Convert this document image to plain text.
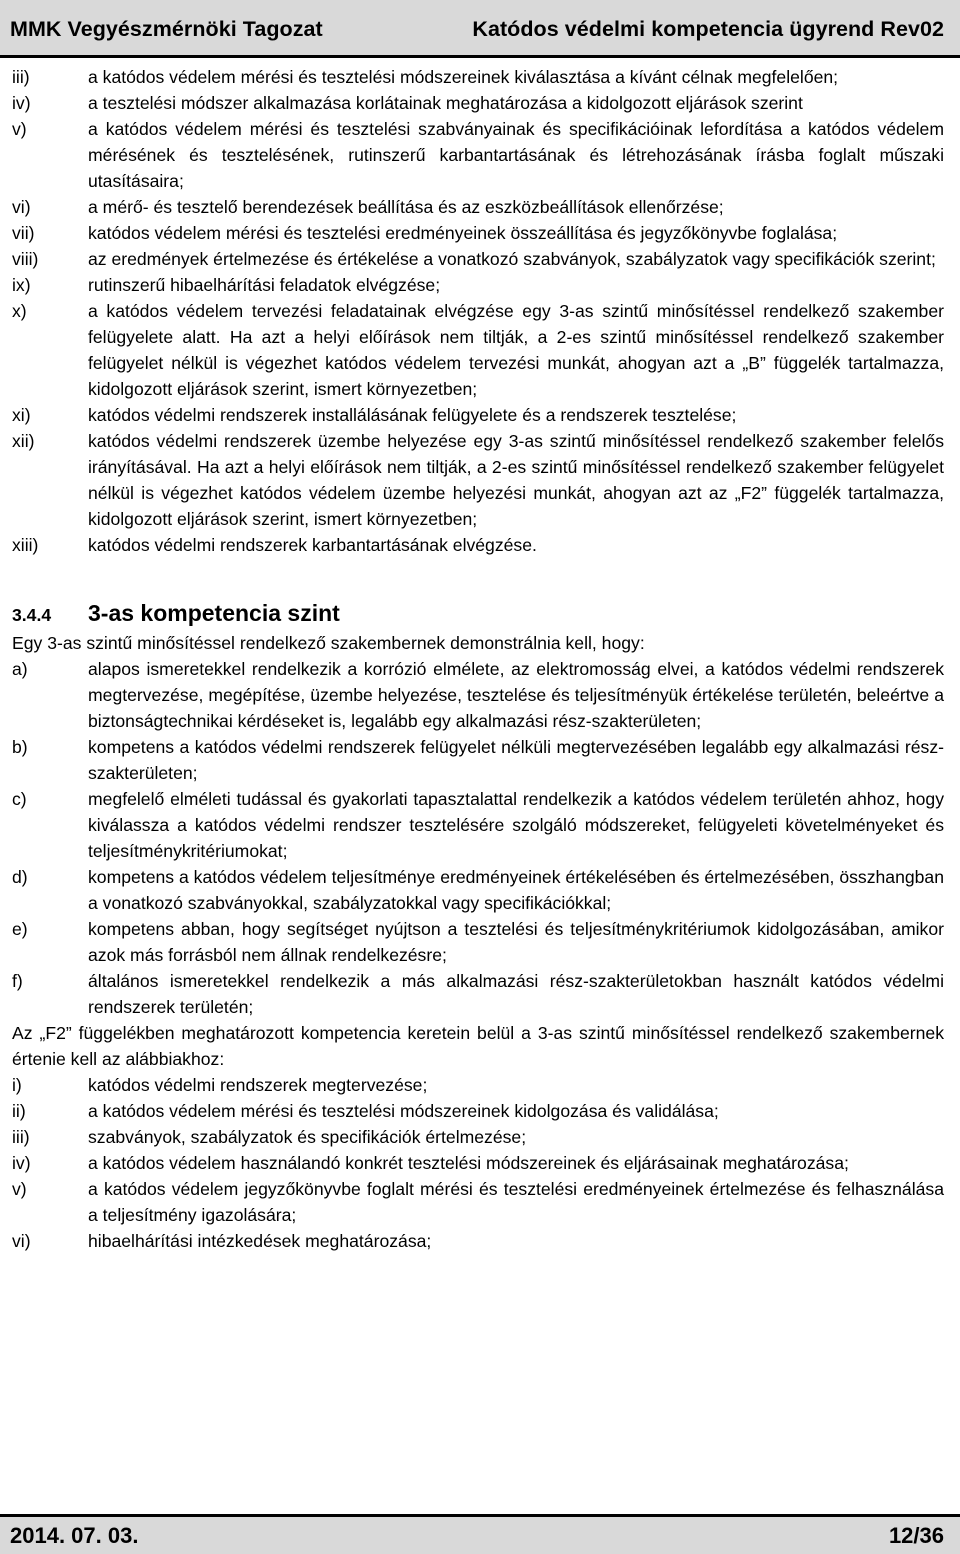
MMK Vegyészmérnöki Tagozat	Katódos védelmi kompetencia ügyrend Rev02
iii)	a katódos védelem mérési és tesztelési módszereinek kiválasztása a kívánt célnak megfelelően;
iv)	a tesztelési módszer alkalmazása korlátainak meghatározása a kidolgozott eljárások szerint
v)	a katódos védelem mérési és tesztelési szabványainak és specifikációinak lefordítása a katódos védelem mérésének és tesztelésének, rutinszerű karbantartásának és létrehozásának írásba foglalt műszaki utasításaira;
vi)	a mérő- és tesztelő berendezések beállítása és az eszközbeállítások ellenőrzése;
vii)	katódos védelem mérési és tesztelési eredményeinek összeállítása és jegyzőkönyvbe foglalása;
viii)	az eredmények értelmezése és értékelése a vonatkozó szabványok, szabályzatok vagy specifikációk szerint;
ix)	rutinszerű hibaelhárítási feladatok elvégzése;
x)	a katódos védelem tervezési feladatainak elvégzése egy 3-as szintű minősítéssel rendelkező szakember felügyelete alatt. Ha azt a helyi előírások nem tiltják, a 2-es szintű minősítéssel rendelkező szakember felügyelet nélkül is végezhet katódos védelem tervezési munkát, ahogyan azt a „B” függelék tartalmazza, kidolgozott eljárások szerint, ismert környezetben;
xi)	katódos védelmi rendszerek installálásának felügyelete és a rendszerek tesztelése;
xii)	katódos védelmi rendszerek üzembe helyezése egy 3-as szintű minősítéssel rendelkező szakember felelős irányításával. Ha azt a helyi előírások nem tiltják, a 2-es szintű minősítéssel rendelkező szakember felügyelet nélkül is végezhet katódos védelem üzembe helyezési munkát, ahogyan azt az „F2” függelék tartalmazza, kidolgozott eljárások szerint, ismert környezetben;
xiii)	katódos védelmi rendszerek karbantartásának elvégzése.
3.4.4	3-as kompetencia szint
Egy 3-as szintű minősítéssel rendelkező szakembernek demonstrálnia kell, hogy:
a)	alapos ismeretekkel rendelkezik a korrózió elmélete, az elektromosság elvei, a katódos védelmi rendszerek megtervezése, megépítése, üzembe helyezése, tesztelése és teljesítményük értékelése területén, beleértve a biztonságtechnikai kérdéseket is, legalább egy alkalmazási rész-szakterületen;
b)	kompetens a katódos védelmi rendszerek felügyelet nélküli megtervezésében legalább egy alkalmazási rész-szakterületen;
c)	megfelelő elméleti tudással és gyakorlati tapasztalattal rendelkezik a katódos védelem területén ahhoz, hogy kiválassza a katódos védelmi rendszer tesztelésére szolgáló módszereket, felügyeleti követelményeket és teljesítménykritériumokat;
d)	kompetens a katódos védelem teljesítménye eredményeinek értékelésében és értelmezésében, összhangban a vonatkozó szabványokkal, szabályzatokkal vagy specifikációkkal;
e)	kompetens abban, hogy segítséget nyújtson a tesztelési és teljesítménykritériumok kidolgozásában, amikor azok más forrásból nem állnak rendelkezésre;
f)	általános ismeretekkel rendelkezik a más alkalmazási rész-szakterületokban használt katódos védelmi rendszerek területén;
Az „F2” függelékben meghatározott kompetencia keretein belül a 3-as szintű minősítéssel rendelkező szakembernek értenie kell az alábbiakhoz:
i)	katódos védelmi rendszerek megtervezése;
ii)	a katódos védelem mérési és tesztelési módszereinek kidolgozása és validálása;
iii)	szabványok, szabályzatok és specifikációk értelmezése;
iv)	a katódos védelem használandó konkrét tesztelési módszereinek és eljárásainak meghatározása;
v)	a katódos védelem jegyzőkönyvbe foglalt mérési és tesztelési eredményeinek értelmezése és felhasználása a teljesítmény igazolására;
vi)	hibaelhárítási intézkedések meghatározása;
2014. 07. 03.	12/36
